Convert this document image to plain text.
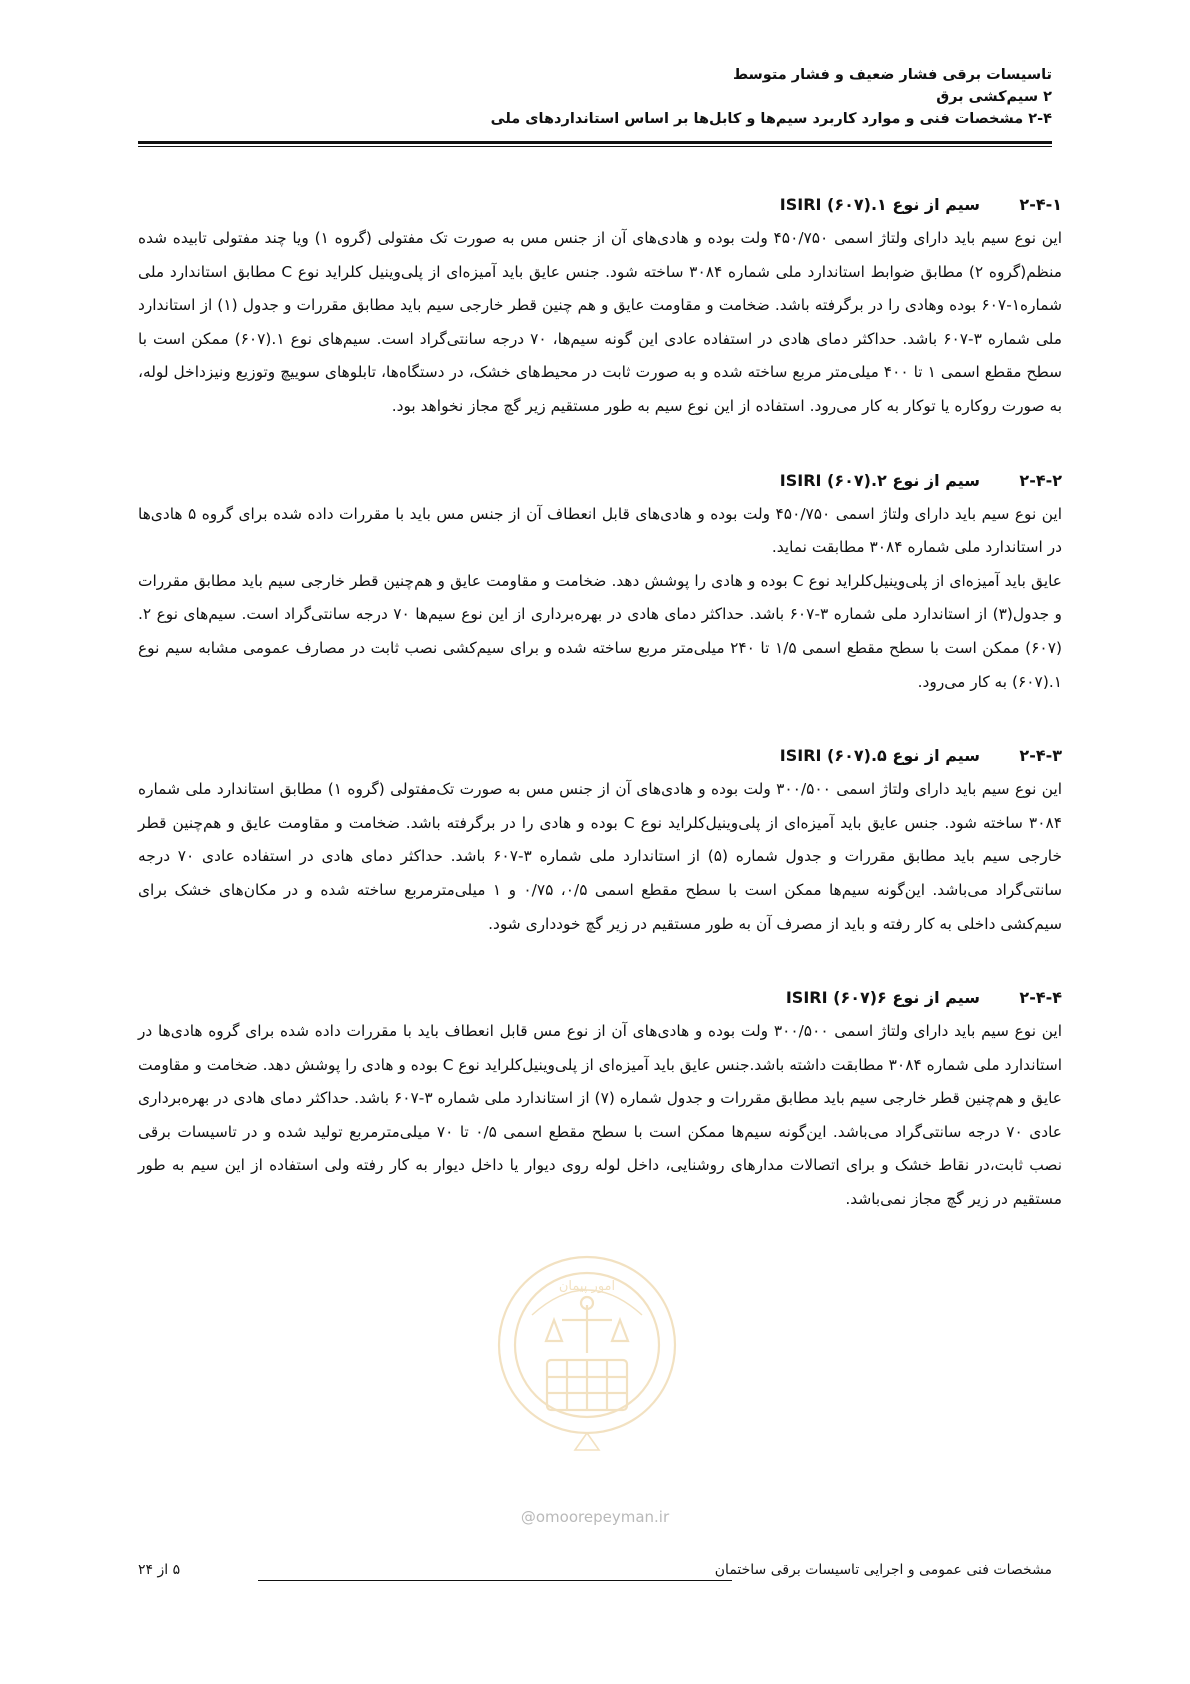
تاسیسات برقی فشار ضعیف و فشار متوسط
۲ سیم‌کشی برق
۲-۴ مشخصات فنی و موارد کاربرد سیم‌ها و کابل‌ها بر اساس استانداردهای ملی
۲-۴-۱
سیم از نوع ۱.(۶۰۷) ISIRI

این نوع سیم باید دارای ولتاژ اسمی ۴۵۰/۷۵۰ ولت بوده و هادی‌های آن از جنس مس به صورت تک مفتولی (گروه ۱) ویا چند مفتولی تابیده شده منظم(گروه ۲) مطابق ضوابط استاندارد ملی شماره ۳۰۸۴ ساخته شود. جنس عایق باید آمیزه‌ای از پلی‌وینیل کلراید نوع C مطابق استاندارد ملی شماره۱-۶۰۷ بوده وهادی را در برگرفته باشد. ضخامت و مقاومت عایق و هم چنین قطر خارجی سیم باید مطابق مقررات و جدول (۱) از استاندارد ملی شماره ۳-۶۰۷ باشد. حداکثر دمای هادی در استفاده عادی این گونه سیم‌ها، ۷۰ درجه سانتی‌گراد است. سیم‌های نوع ۱.(۶۰۷) ممکن است با سطح مقطع اسمی ۱ تا ۴۰۰ میلی‌متر مربع ساخته شده و به صورت ثابت در محیط‌های خشک، در دستگاه‌ها، تابلوهای سوییچ وتوزیع ونیزداخل لوله، به صورت روکاره یا توکار به کار می‌رود. استفاده از این نوع سیم به طور مستقیم زیر گچ مجاز نخواهد بود.

۲-۴-۲
سیم از نوع ۲.(۶۰۷) ISIRI

این نوع سیم باید دارای ولتاژ اسمی ۴۵۰/۷۵۰ ولت بوده و هادی‌های قابل انعطاف آن از جنس مس باید با مقررات داده شده برای گروه ۵ هادی‌ها در استاندارد ملی شماره ۳۰۸۴ مطابقت نماید.

عایق باید آمیزه‌ای از پلی‌وینیل‌کلراید نوع C بوده و هادی را پوشش دهد. ضخامت و مقاومت عایق و هم‌چنین قطر خارجی سیم باید مطابق مقررات و جدول(۳) از استاندارد ملی شماره ۳-۶۰۷ باشد. حداکثر دمای هادی در بهره‌برداری از این نوع سیم‌ها ۷۰ درجه سانتی‌گراد است. سیم‌های نوع ۲.(۶۰۷) ممکن است با سطح مقطع اسمی ۱/۵ تا ۲۴۰ میلی‌متر مربع ساخته شده و برای سیم‌کشی نصب ثابت در مصارف عمومی مشابه سیم نوع ۱.(۶۰۷) به کار می‌رود.

۲-۴-۳
سیم از نوع ۵.(۶۰۷) ISIRI

این نوع سیم باید دارای ولتاژ اسمی ۳۰۰/۵۰۰ ولت بوده و هادی‌های آن از جنس مس به صورت تک‌مفتولی (گروه ۱) مطابق استاندارد ملی شماره ۳۰۸۴ ساخته شود. جنس عایق باید آمیزه‌ای از پلی‌وینیل‌کلراید نوع C بوده و هادی را در برگرفته باشد. ضخامت و مقاومت عایق و هم‌چنین قطر خارجی سیم باید مطابق مقررات و جدول شماره (۵) از استاندارد ملی شماره ۳-۶۰۷ باشد. حداکثر دمای هادی در استفاده عادی ۷۰ درجه سانتی‌گراد می‌باشد. این‌گونه سیم‌ها ممکن است با سطح مقطع اسمی ۰/۵، ۰/۷۵ و ۱ میلی‌مترمربع ساخته شده و در مکان‌های خشک برای سیم‌کشی داخلی به کار رفته و باید از مصرف آن به طور مستقیم در زیر گچ خودداری شود.

۲-۴-۴
سیم از نوع ۶(۶۰۷) ISIRI

این نوع سیم باید دارای ولتاژ اسمی ۳۰۰/۵۰۰ ولت بوده و هادی‌های آن از نوع مس قابل انعطاف باید با مقررات داده شده برای گروه هادی‌ها در استاندارد ملی شماره ۳۰۸۴ مطابقت داشته باشد.جنس عایق باید آمیزه‌ای از پلی‌وینیل‌کلراید نوع C بوده و هادی را پوشش دهد. ضخامت و مقاومت عایق و هم‌چنین قطر خارجی سیم باید مطابق مقررات و جدول شماره (۷) از استاندارد ملی شماره ۳-۶۰۷ باشد. حداکثر دمای هادی در بهره‌برداری عادی ۷۰ درجه سانتی‌گراد می‌باشد. این‌گونه سیم‌ها ممکن است با سطح مقطع اسمی ۰/۵ تا ۷۰ میلی‌مترمربع تولید شده و در تاسیسات برقی نصب ثابت،در نقاط خشک و برای اتصالات مدارهای روشنایی، داخل لوله روی دیوار یا داخل دیوار به کار رفته ولی استفاده از این سیم به طور مستقیم در زیر گچ مجاز نمی‌باشد.

امور پیمان
@omoorepeyman.ir
مشخصات فنی عمومی و اجرایی تاسیسات برقی ساختمان
۵ از ۲۴
